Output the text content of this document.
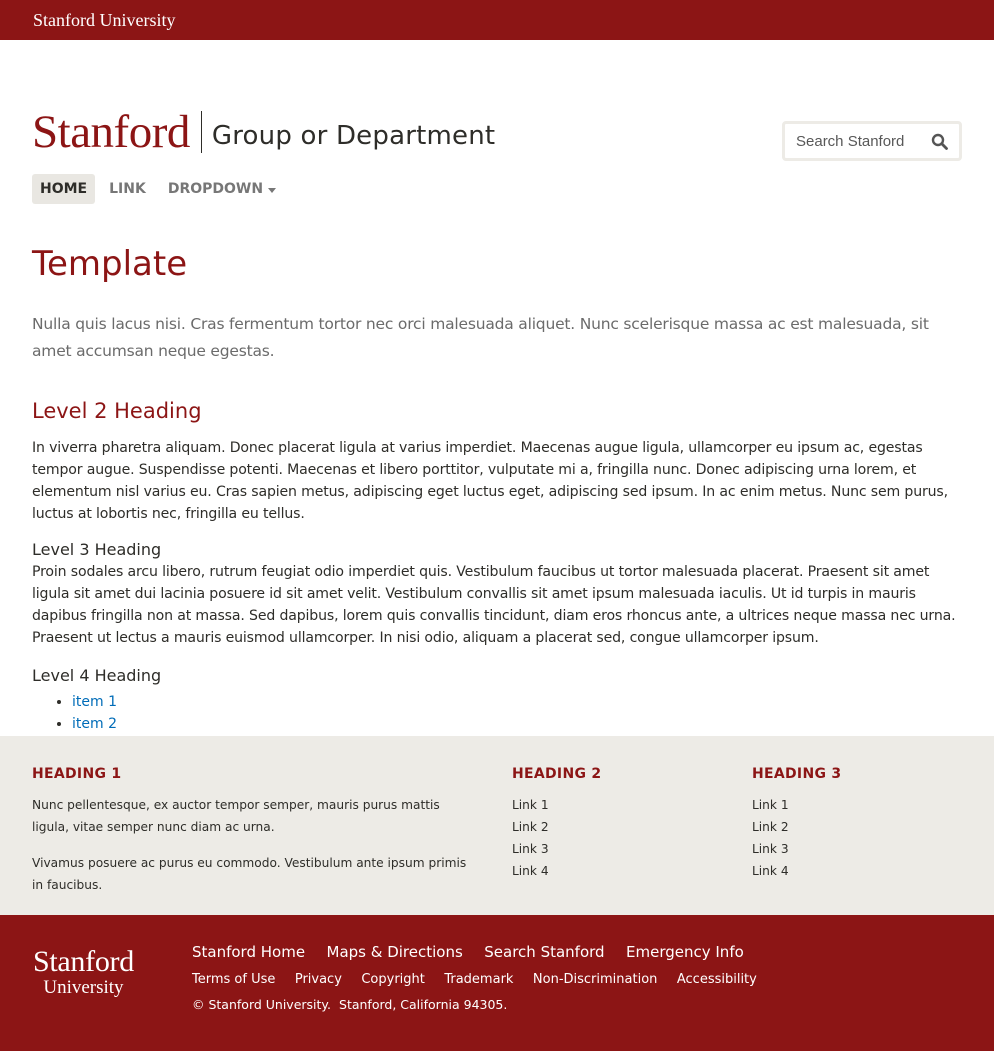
Stanford University
Stanford Group or Department
Search Stanford
HOME LINK DROPDOWN
Template

Nulla quis lacus nisi. Cras fermentum tortor nec orci malesuada aliquet. Nunc scelerisque massa ac est malesuada, sit amet accumsan neque egestas.

Level 2 Heading

In viverra pharetra aliquam. Donec placerat ligula at varius imperdiet. Maecenas augue ligula, ullamcorper eu ipsum ac, egestas tempor augue. Suspendisse potenti. Maecenas et libero porttitor, vulputate mi a, fringilla nunc. Donec adipiscing urna lorem, et elementum nisl varius eu. Cras sapien metus, adipiscing eget luctus eget, adipiscing sed ipsum. In ac enim metus. Nunc sem purus, luctus at lobortis nec, fringilla eu tellus.

Level 3 Heading

Proin sodales arcu libero, rutrum feugiat odio imperdiet quis. Vestibulum faucibus ut tortor malesuada placerat. Praesent sit amet ligula sit amet dui lacinia posuere id sit amet velit. Vestibulum convallis sit amet ipsum malesuada iaculis. Ut id turpis in mauris dapibus fringilla non at massa. Sed dapibus, lorem quis convallis tincidunt, diam eros rhoncus ante, a ultrices neque massa nec urna. Praesent ut lectus a mauris euismod ullamcorper. In nisi odio, aliquam a placerat sed, congue ullamcorper ipsum.

Level 4 Heading
• item 1
• item 2
•
HEADING 1

Nunc pellentesque, ex auctor tempor semper, mauris purus mattis ligula, vitae semper nunc diam ac urna.

Vivamus posuere ac purus eu commodo. Vestibulum ante ipsum primis in faucibus.

HEADING 2
Link 1
Link 2
Link 3
Link 4
HEADING 3
Link 1
Link 2
Link 3
Link 4
Stanford
University
Stanford Home Maps & Directions Search Stanford Emergency Info
Terms of Use Privacy Copyright Trademark Non-Discrimination Accessibility
© Stanford University. Stanford, California 94305.
